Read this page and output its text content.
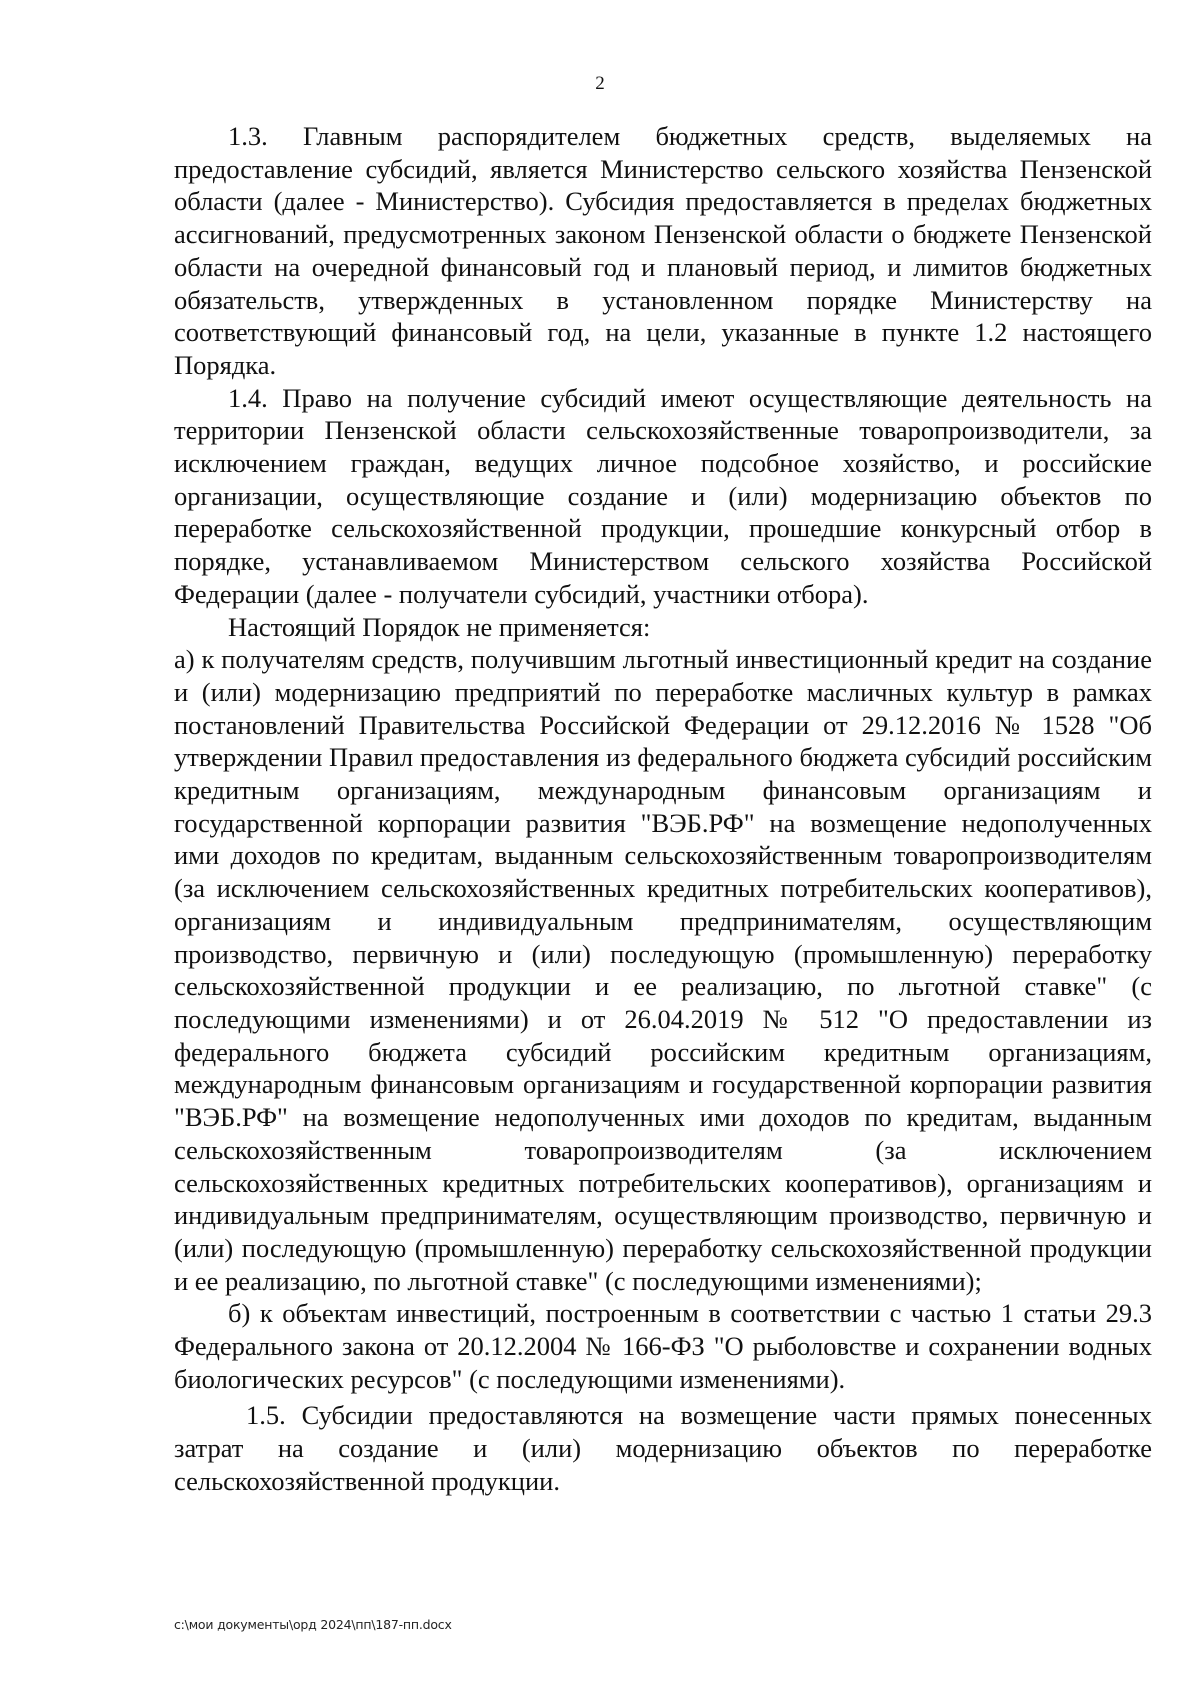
2

1.3. Главным распорядителем бюджетных средств, выделяемых на предоставление субсидий, является Министерство сельского хозяйства Пензенской области (далее - Министерство). Субсидия предоставляется в пределах бюджетных ассигнований, предусмотренных законом Пензенской области о бюджете Пензенской области на очередной финансовый год и плановый период, и лимитов бюджетных обязательств, утвержденных в установленном порядке Министерству на соответствующий финансовый год, на цели, указанные в пункте 1.2 настоящего Порядка.

1.4. Право на получение субсидий имеют осуществляющие деятельность на территории Пензенской области сельскохозяйственные товаропроизводители, за исключением граждан, ведущих личное подсобное хозяйство, и российские организации, осуществляющие создание и (или) модернизацию объектов по переработке сельскохозяйственной продукции, прошедшие конкурсный отбор в порядке, устанавливаемом Министерством сельского хозяйства Российской Федерации (далее - получатели субсидий, участники отбора).

Настоящий Порядок не применяется:

а) к получателям средств, получившим льготный инвестиционный кредит на создание и (или) модернизацию предприятий по переработке масличных культур в рамках постановлений Правительства Российской Федерации от 29.12.2016 № 1528 "Об утверждении Правил предоставления из федерального бюджета субсидий российским кредитным организациям, международным финансовым организациям и государственной корпорации развития "ВЭБ.РФ" на возмещение недополученных ими доходов по кредитам, выданным сельскохозяйственным товаропроизводителям (за исключением сельскохозяйственных кредитных потребительских кооперативов), организациям и индивидуальным предпринимателям, осуществляющим производство, первичную и (или) последующую (промышленную) переработку сельскохозяйственной продукции и ее реализацию, по льготной ставке" (с последующими изменениями) и от 26.04.2019 № 512 "О предоставлении из федерального бюджета субсидий российским кредитным организациям, международным финансовым организациям и государственной корпорации развития "ВЭБ.РФ" на возмещение недополученных ими доходов по кредитам, выданным сельскохозяйственным товаропроизводителям (за исключением сельскохозяйственных кредитных потребительских кооперативов), организациям и индивидуальным предпринимателям, осуществляющим производство, первичную и (или) последующую (промышленную) переработку сельскохозяйственной продукции и ее реализацию, по льготной ставке" (с последующими изменениями);

б) к объектам инвестиций, построенным в соответствии с частью 1 статьи 29.3 Федерального закона от 20.12.2004 № 166-ФЗ "О рыболовстве и сохранении водных биологических ресурсов" (с последующими изменениями).

1.5. Субсидии предоставляются на возмещение части прямых понесенных затрат на создание и (или) модернизацию объектов по переработке сельскохозяйственной продукции.

c:\мои документы\орд 2024\пп\187-пп.docx
